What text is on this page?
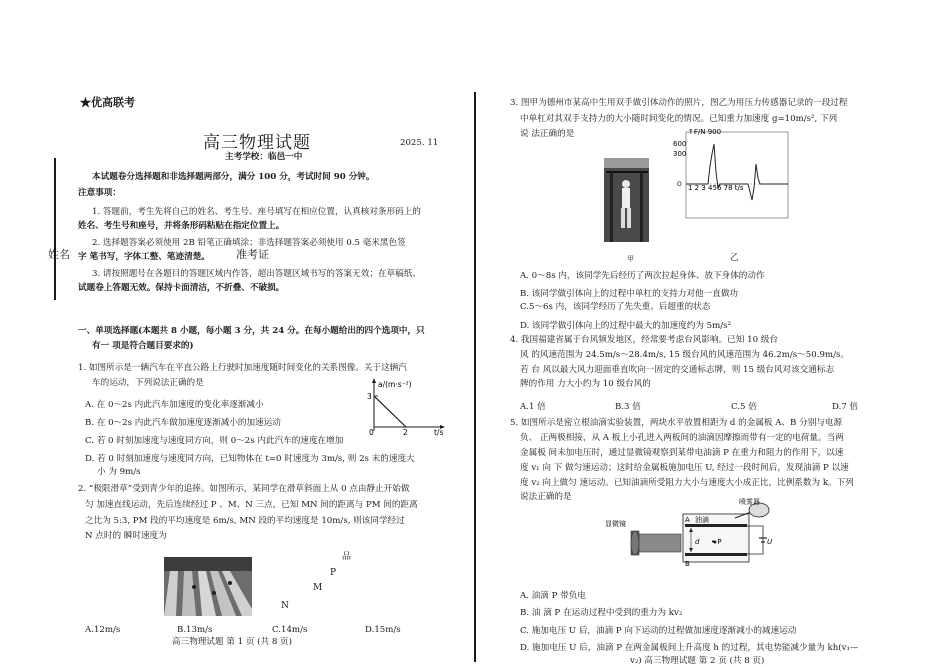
★优高联考
高三物理试题	2025. 11
主考学校：临邑一中
姓名	准考证
本试题卷分选择题和非选择题两部分，满分 100 分，考试时间 90 分钟。
注意事项：
1. 答题前，考生先将自己的姓名、考生号、座号填写在相应位置，认真核对条形码上的
姓名、考生号和座号，并将条形码粘贴在指定位置上。
2. 选择题答案必须使用 2B 铅笔正确填涂；非选择题答案必须使用 0.5 毫米黑色签
字 笔书写，字体工整、笔迹清楚。
3. 请按照题号在各题目的答题区域内作答，超出答题区域书写的答案无效；在草稿纸、
试题卷上答题无效。保持卡面清洁，不折叠、不破损。
一、单项选择题(本题共 8 小题，每小题 3 分，共 24 分。在每小题给出的四个选项中，只
有一 项是符合题目要求的)
1. 如图所示是一辆汽车在平直公路上行驶时加速度随时间变化的关系图像。关于这辆汽
车的运动，下列说法正确的是
A. 在 0～2s 内此汽车加速度的变化率逐渐减小
B. 在 0～2s 内此汽车做加速度逐渐减小的加速运动
C. 若 0 时刻加速度与速度同方向，则 0～2s 内此汽车的速度在增加
D. 若 0 时刻加速度与速度同方向，已知物体在 t=0 时速度为 3m/s, 则 2s 末的速度大
小 为 9m/s
a/(m·s⁻²)
3
0	2	t/s
2. “极限滑草”受到青少年的追捧。如图所示，某同学在滑草斜面上从 0 点由静止开始做
匀 加速直线运动，先后连续经过 P 、M、N 三点，已知 MN 间的距离与 PM 间的距离
之比为 5:3, PM 段的平均速度是 6m/s, MN 段的平均速度是 10m/s, 则该同学经过
N 点时的 瞬时速度为
品
P
M
N
A.12m/s	B.13m/s	C.14m/s	D.15m/s
高三物理试题 第 1 页 (共 8 页)
3. 图甲为德州市某高中生用双手做引体动作的照片，图乙为用压力传感器记录的一段过程
中单杠对其双手支持力的大小随时间变化的情况。已知重力加速度 g=10m/s², 下列
说 法正确的是
甲
↑F/N 900
600
300
O 1 2 3 456 78 t/s
乙
A. 0～8s 内，该同学先后经历了两次拉起身体、放下身体的动作
B. 该同学做引体向上的过程中单杠的支持力对他一直做功
C.5～6s 内，该同学经历了先失重、后超重的状态
D. 该同学做引体向上的过程中最大的加速度约为 5m/s²
4. 我国福建省属于台风频发地区，经常要考虑台风影响。已知 10 级台
风 的风速范围为 24.5m/s～28.4m/s, 15 级台风的风速范围为 46.2m/s～50.9m/s。
若 台 风以最大风力迎面垂直吹向一固定的交通标志牌，则 15 级台风对该交通标志
牌的作用 力大小约为 10 级台风的
A.1 倍	B.3 倍	C.5 倍	D.7 倍
5. 如图所示是密立根油滴实验装置，两块水平放置相距为 d 的金属板 A、B 分别与电源
负、 正两极相接，从 A 板上小孔进入两板间的油滴因摩擦而带有一定的电荷量。当两
金属板 间未加电压时，通过显微镜观察到某带电油滴 P 在重力和阻力的作用下，以速
度 v₁ 向 下 做匀速运动；这时给金属板施加电压 U, 经过一段时间后，发现油滴 P 以速
度 v₂ 向上做匀 速运动。已知油滴所受阻力大小与速度大小成正比，比例系数为 k。下列
说法正确的是	喷雾器
显微镜	油滴
A
B
d • P	U
A. 油滴 P 带负电
B. 油 滴 P 在运动过程中受到的重力为 kv₂
C. 施加电压 U 后，油滴 P 向下运动的过程做加速度逐渐减小的减速运动
D. 施加电压 U 后，油滴 P 在两金属板间上升高度 h 的过程，其电势能减少量为 kh(v₁—
v₂) 高三物理试题 第 2 页 (共 8 页)
